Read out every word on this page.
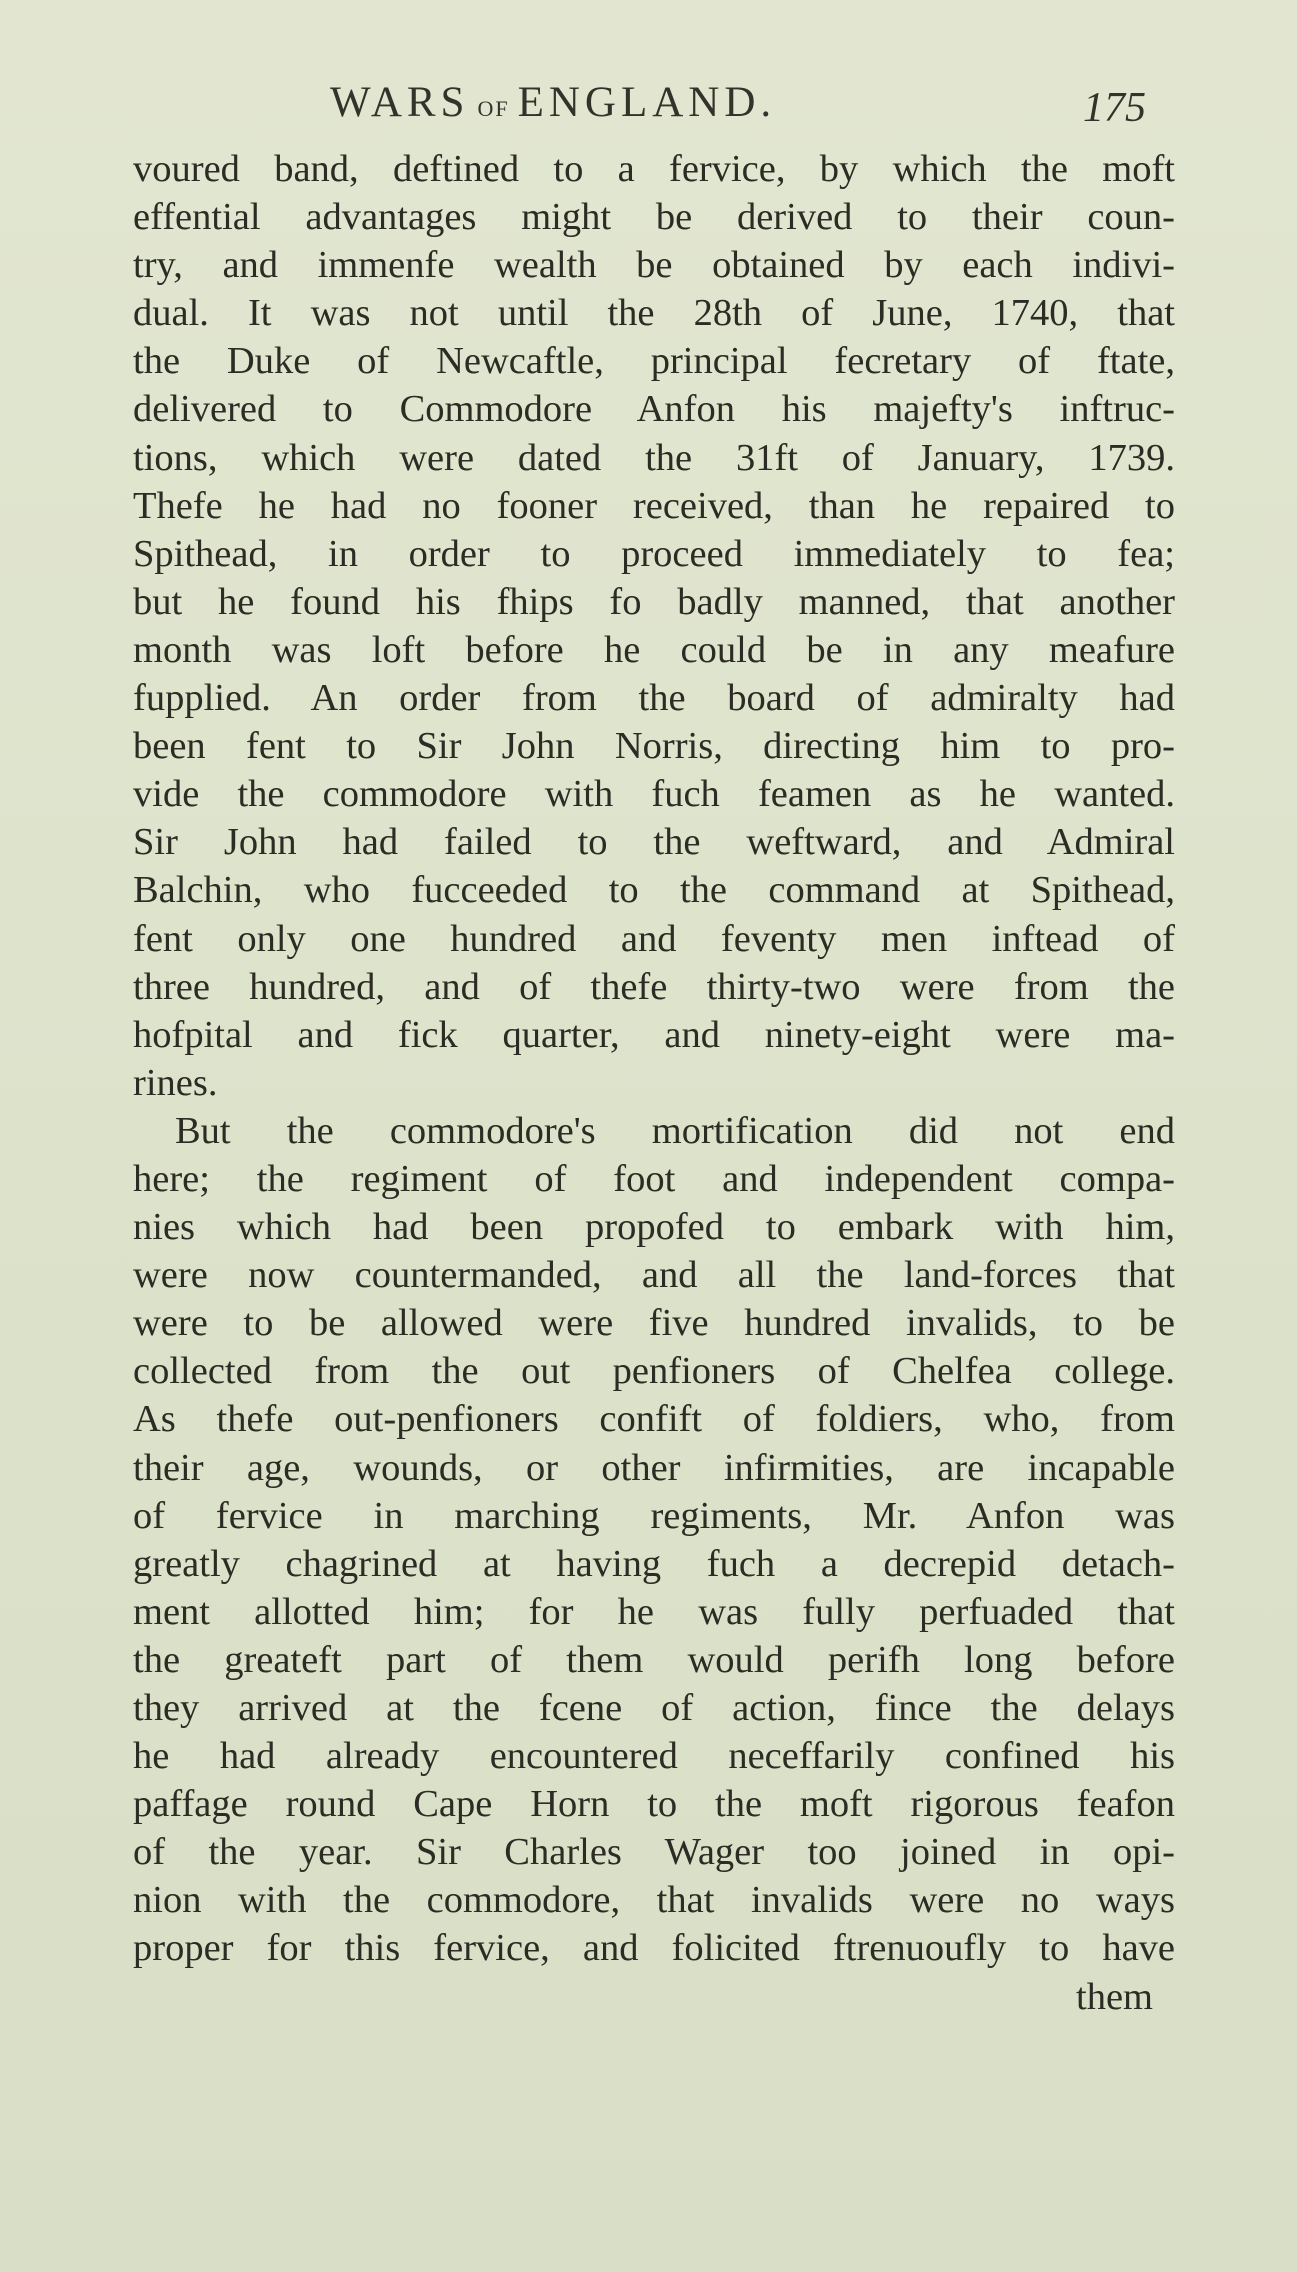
WARS OF ENGLAND.	175
voured band, deftined to a fervice, by which the moft
effential advantages might be derived to their coun-
try, and immenfe wealth be obtained by each indivi-
dual. It was not until the 28th of June, 1740, that
the Duke of Newcaftle, principal fecretary of ftate,
delivered to Commodore Anfon his majefty's inftruc-
tions, which were dated the 31ft of January, 1739.
Thefe he had no fooner received, than he repaired to
Spithead, in order to proceed immediately to fea;
but he found his fhips fo badly manned, that another
month was loft before he could be in any meafure
fupplied. An order from the board of admiralty had
been fent to Sir John Norris, directing him to pro-
vide the commodore with fuch feamen as he wanted.
Sir John had failed to the weftward, and Admiral
Balchin, who fucceeded to the command at Spithead,
fent only one hundred and feventy men inftead of
three hundred, and of thefe thirty-two were from the
hofpital and fick quarter, and ninety-eight were ma-
rines.
But the commodore's mortification did not end
here; the regiment of foot and independent compa-
nies which had been propofed to embark with him,
were now countermanded, and all the land-forces that
were to be allowed were five hundred invalids, to be
collected from the out penfioners of Chelfea college.
As thefe out-penfioners confift of foldiers, who, from
their age, wounds, or other infirmities, are incapable
of fervice in marching regiments, Mr. Anfon was
greatly chagrined at having fuch a decrepid detach-
ment allotted him; for he was fully perfuaded that
the greateft part of them would perifh long before
they arrived at the fcene of action, fince the delays
he had already encountered neceffarily confined his
paffage round Cape Horn to the moft rigorous feafon
of the year. Sir Charles Wager too joined in opi-
nion with the commodore, that invalids were no ways
proper for this fervice, and folicited ftrenuoufly to have
them
